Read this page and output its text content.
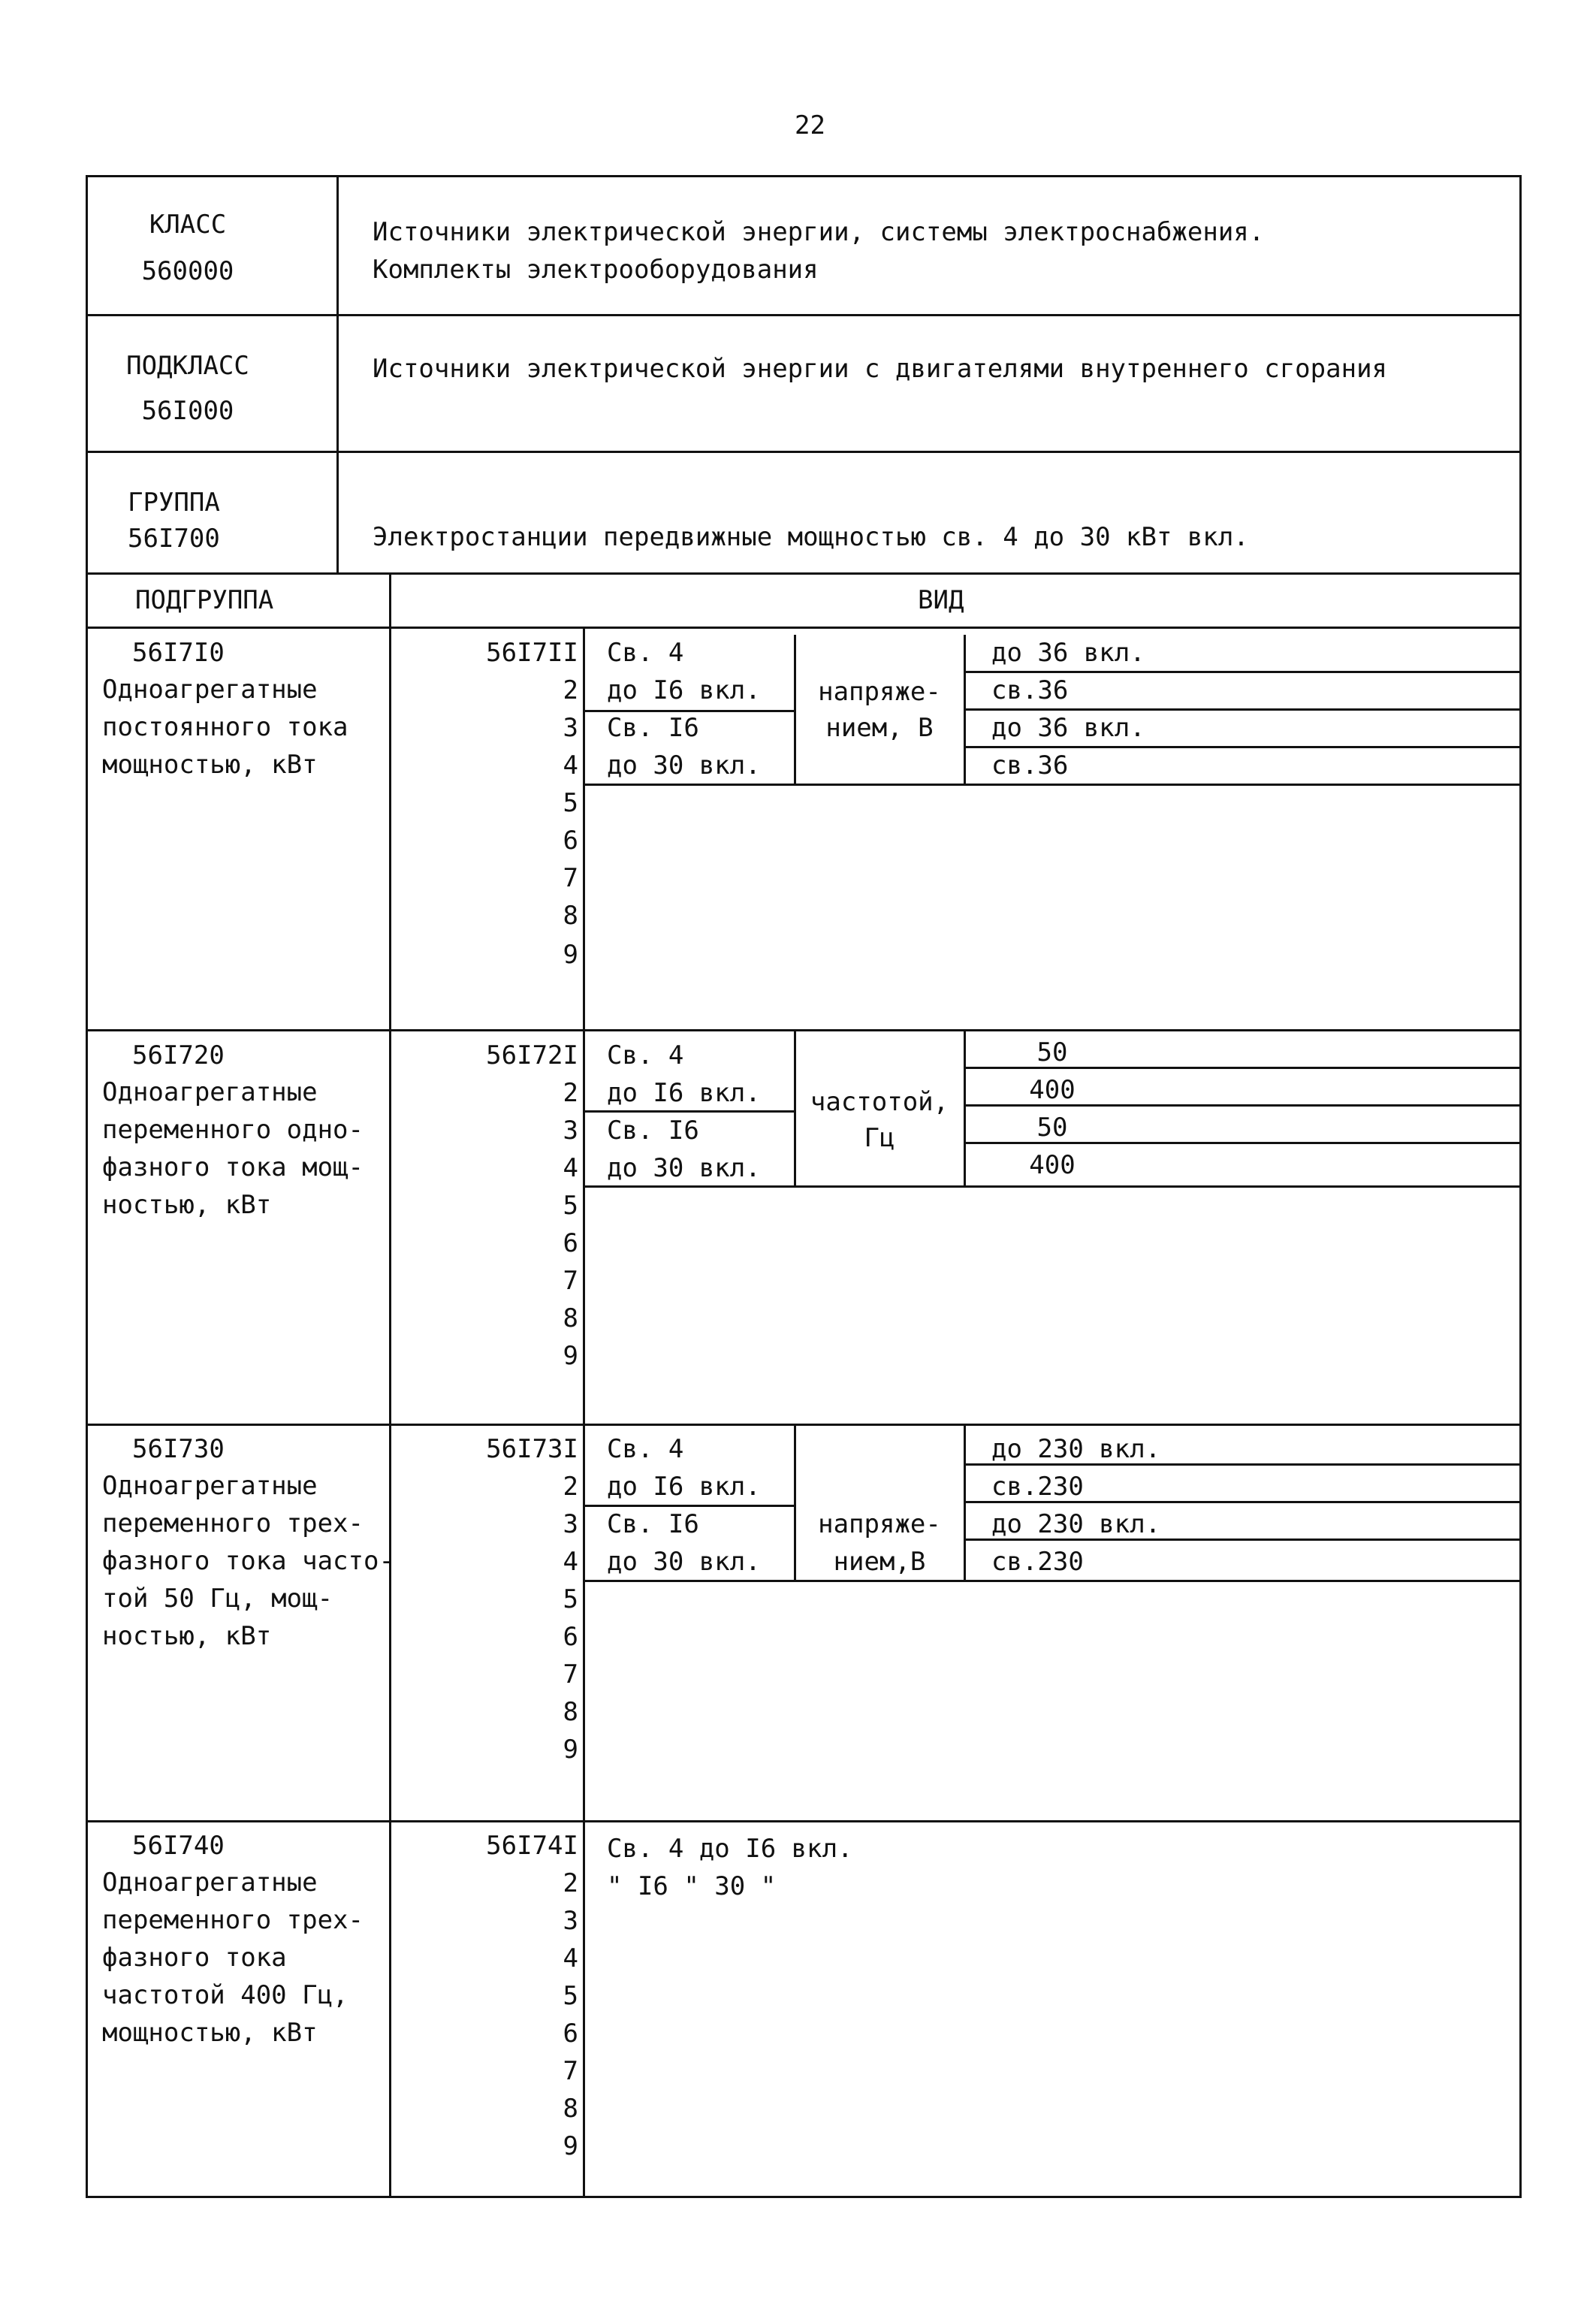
22
КЛАСС
560000
Источники электрической энергии, системы электроснабжения.
Комплекты электрооборудования
ПОДКЛАСС
56I000
Источники электрической энергии с двигателями внутреннего сгорания
ГРУППА
56I700	Электростанции передвижные мощностью св. 4 до 30 кВт вкл.
ПОДГРУППА	ВИД
56I7I0
Одноагрегатные
постоянного тока
мощностью, кВт
56I7II
2
3
4
5
6
7
8
9
Св. 4
до I6 вкл.
Св. I6
до 30 вкл.
напряже-
нием, В
до 36 вкл.
св.36
до 36 вкл.
св.36
56I720
Одноагрегатные
переменного одно-
фазного тока мощ-
ностью, кВт
56I72I
2
3
4
5
6
7
8
9
Св. 4
до I6 вкл.
Св. I6
до 30 вкл.
частотой,
Гц
50
400
50
400
56I730
Одноагрегатные
переменного трех-
фазного тока часто-
той 50 Гц, мощ-
ностью, кВт
56I73I
2
3
4
5
6
7
8
9
Св. 4
до I6 вкл.
Св. I6
до 30 вкл.
напряже-
нием,В
до 230 вкл.
св.230
до 230 вкл.
св.230
56I740
Одноагрегатные
переменного трех-
фазного тока
частотой 400 Гц,
мощностью, кВт
56I74I
2
3
4
5
6
7
8
9
Св. 4 до I6 вкл.
" I6 " 30 "
